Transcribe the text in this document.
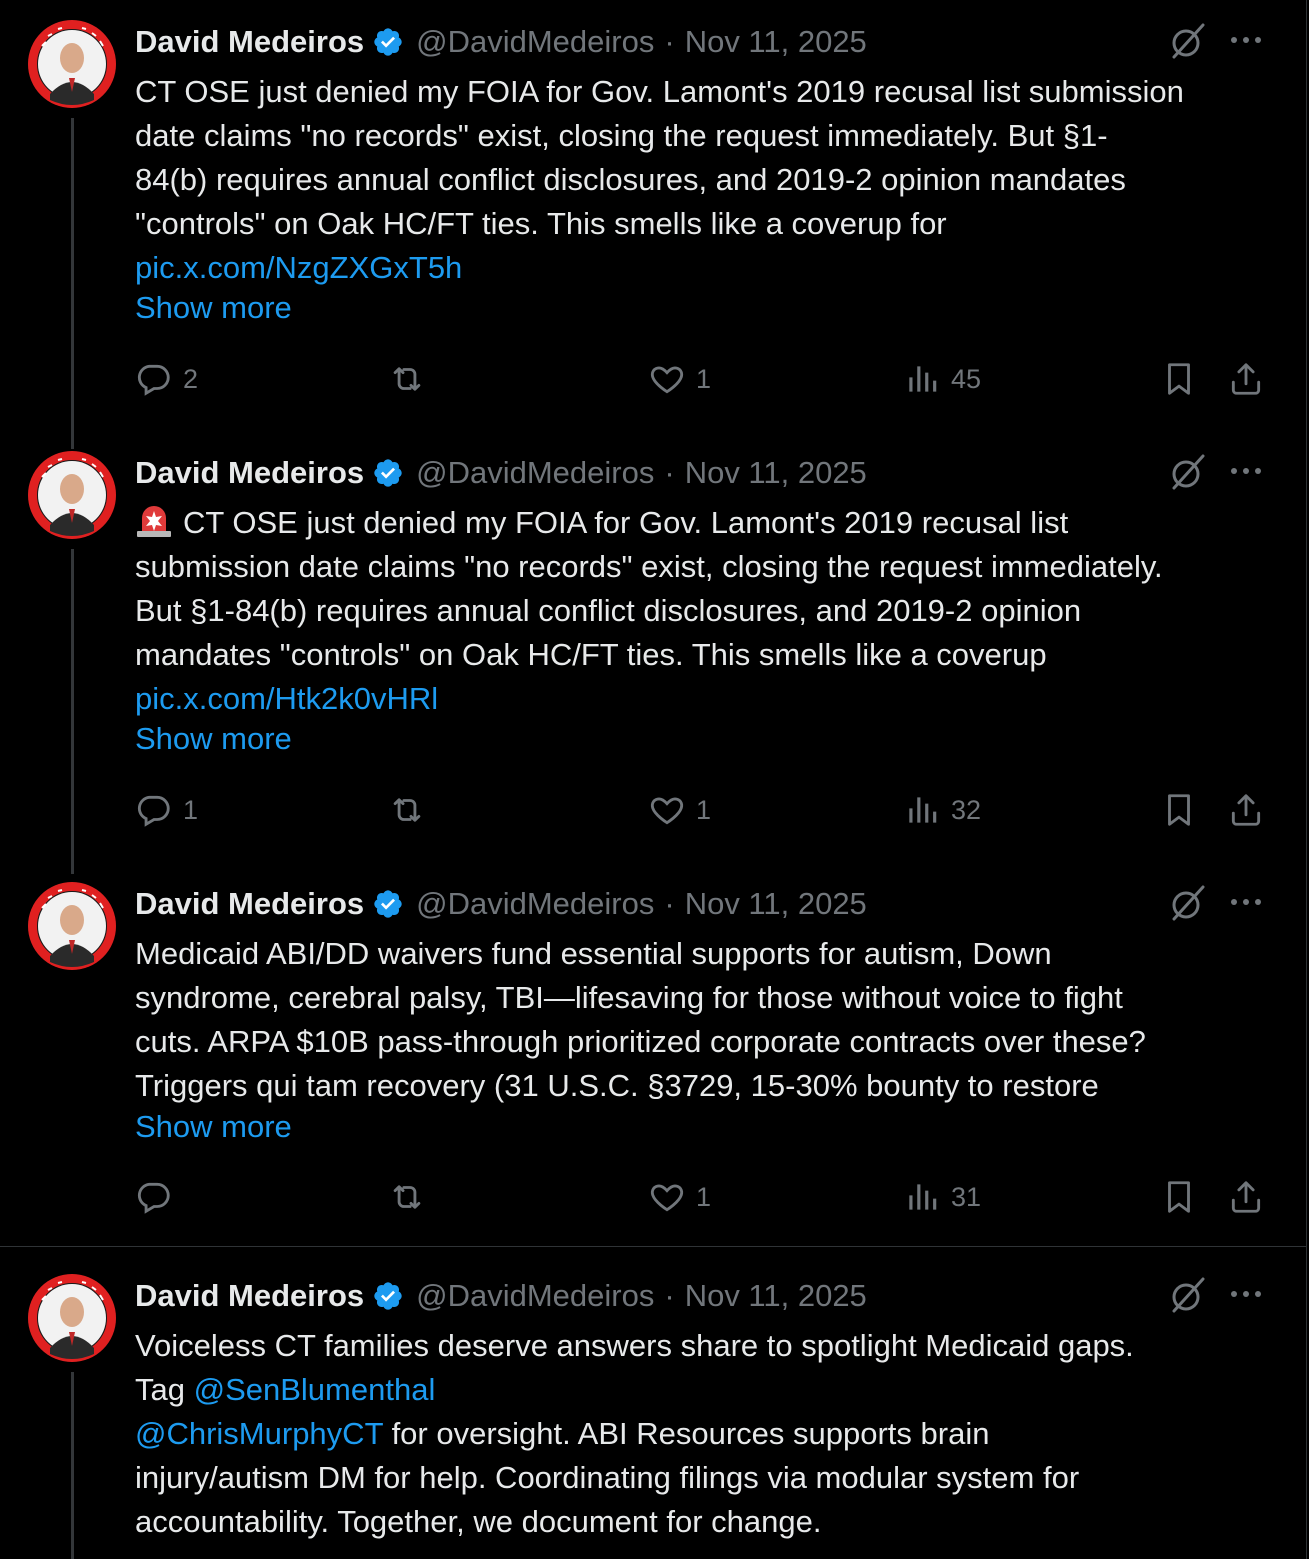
David Medeiros @DavidMedeiros · Nov 11, 2025
CT OSE just denied my FOIA for Gov. Lamont's 2019 recusal list submission
date claims "no records" exist, closing the request immediately. But §1-
84(b) requires annual conflict disclosures, and 2019-2 opinion mandates
"controls" on Oak HC/FT ties. This smells like a coverup for
pic.x.com/NzgZXGxT5h
Show more
2	1	45
David Medeiros @DavidMedeiros · Nov 11, 2025
CT OSE just denied my FOIA for Gov. Lamont's 2019 recusal list
submission date claims "no records" exist, closing the request immediately.
But §1-84(b) requires annual conflict disclosures, and 2019-2 opinion
mandates "controls" on Oak HC/FT ties. This smells like a coverup
pic.x.com/Htk2k0vHRl
Show more
1	1	32
David Medeiros @DavidMedeiros · Nov 11, 2025
Medicaid ABI/DD waivers fund essential supports for autism, Down
syndrome, cerebral palsy, TBI—lifesaving for those without voice to fight
cuts. ARPA $10B pass-through prioritized corporate contracts over these?
Triggers qui tam recovery (31 U.S.C. §3729, 15-30% bounty to restore
Show more
1	31
David Medeiros @DavidMedeiros · Nov 11, 2025
Voiceless CT families deserve answers share to spotlight Medicaid gaps.
Tag @SenBlumenthal
@ChrisMurphyCT for oversight. ABI Resources supports brain
injury/autism DM for help. Coordinating filings via modular system for
accountability. Together, we document for change.
